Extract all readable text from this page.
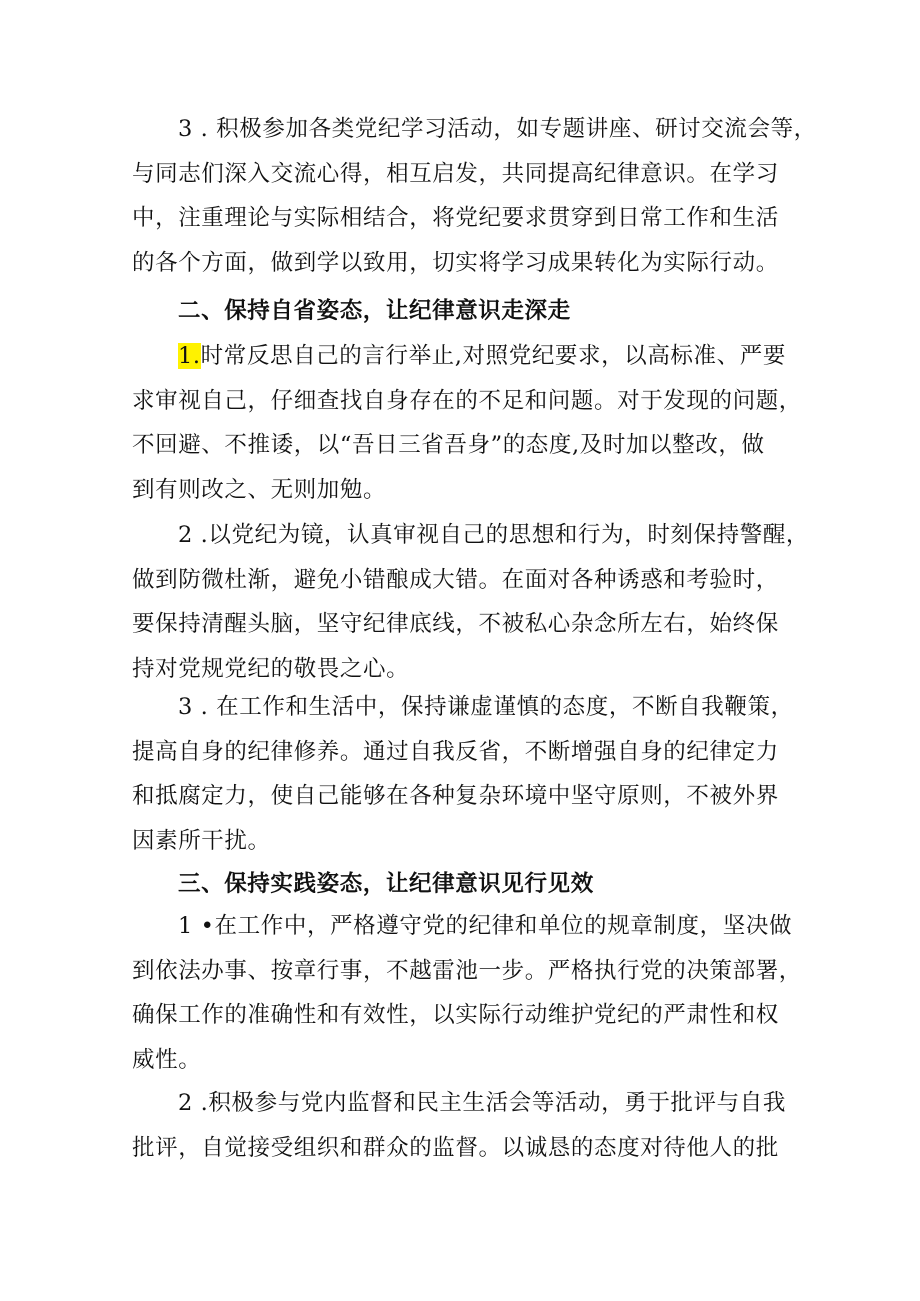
3 . 积极参加各类党纪学习活动，如专题讲座、研讨交流会等，
与同志们深入交流心得，相互启发，共同提高纪律意识。在学习
中，注重理论与实际相结合，将党纪要求贯穿到日常工作和生活
的各个方面，做到学以致用，切实将学习成果转化为实际行动。

二、保持自省姿态，让纪律意识走深走

1.时常反思自己的言行举止,对照党纪要求，以高标准、严要
求审视自己，仔细查找自身存在的不足和问题。对于发现的问题，
不回避、不推诿，以“吾日三省吾身”的态度,及时加以整改，做
到有则改之、无则加勉。

2 .以党纪为镜，认真审视自己的思想和行为，时刻保持警醒，
做到防微杜渐，避免小错酿成大错。在面对各种诱惑和考验时，
要保持清醒头脑，坚守纪律底线，不被私心杂念所左右，始终保
持对党规党纪的敬畏之心。

3 . 在工作和生活中，保持谦虚谨慎的态度，不断自我鞭策，
提高自身的纪律修养。通过自我反省，不断增强自身的纪律定力
和抵腐定力，使自己能够在各种复杂环境中坚守原则，不被外界
因素所干扰。

三、保持实践姿态，让纪律意识见行见效

1 •在工作中，严格遵守党的纪律和单位的规章制度，坚决做
到依法办事、按章行事，不越雷池一步。严格执行党的决策部署，
确保工作的准确性和有效性，以实际行动维护党纪的严肃性和权
威性。

2 .积极参与党内监督和民主生活会等活动，勇于批评与自我
批评，自觉接受组织和群众的监督。以诚恳的态度对待他人的批
